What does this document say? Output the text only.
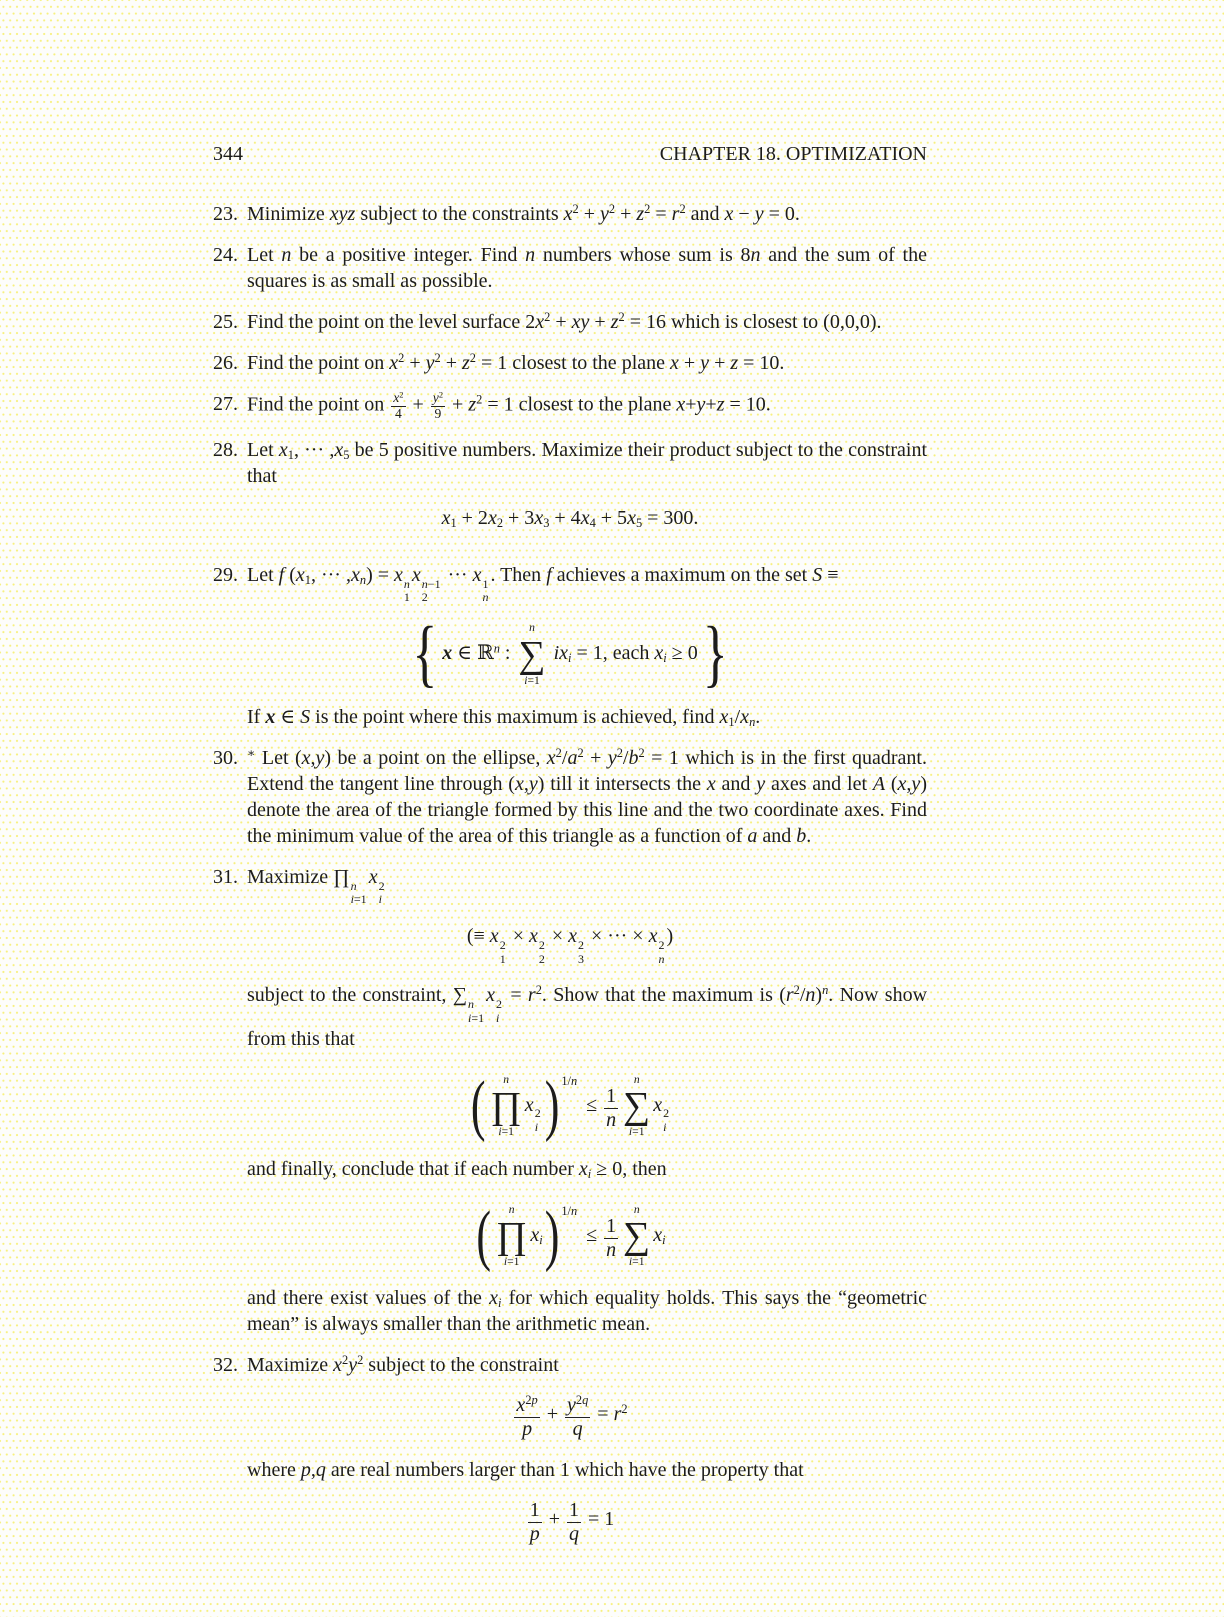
344	CHAPTER 18. OPTIMIZATION
23. Minimize xyz subject to the constraints $x^2 + y^2 + z^2 = r^2$ and x − y = 0.
24. Let n be a positive integer. Find n numbers whose sum is 8n and the sum of the squares is as small as possible.
25. Find the point on the level surface $2x^2$ + xy + $z^2 = 16$ which is closest to (0,0,0).
26. Find the point on $x^2 + y^2 + z^2 = 1$ closest to the plane x + y + z = 10.
27. Find the point on $\frac{x^2}{4} + \frac{y^2}{9} + z^2 = 1$ closest to the plane x+y+z = 10.
28. Let $x_1$, ··· $,x_5$ be 5 positive numbers. Maximize their product subject to the constraint that
$x_1 + 2x_2 + 3x_3 + 4x_4 + 5x_5 = 300$.
29. Let f ($x_1$, ··· $,x_n) = x$ n
1
x n−1
2
··· x 1
n
. Then f achieves a maximum on the set S ≡
{ x ∈ ℝ$^n$ :
n
∑
i=1
$ix_i = 1$, each $x_i \ge 0$}
If x ∈ S is the point where this maximum is achieved, find $x_1/x_n$.
30. ∗ Let (x,y) be a point on the ellipse, $x^2/a^2 + y^2/b^2 = 1$ which is in the first quadrant. Extend the tangent line through (x,y) till it intersects the x and y axes and let A (x,y) denote the area of the triangle formed by this line and the two coordinate axes. Find the minimum value of the area of this triangle as a function of a and b.
31. Maximize ∏ n
i=1
x 2
i
(≡ x 2
1
× x 2
2
× x 2
3
× ··· × x 2
n
)
subject to the constraint, ∑ n
i=1
x 2
i
= $r^2$. Show that the maximum is $(r^2/n)^n$. Now show from this that
( n
∏
i=1
x 2
i ) $^{1/n} \le \frac{1}{n}$
n
∑
i=1
x 2
i
and finally, conclude that if each number $x_i \ge 0$, then
( n
∏
i=1
$x_i$) $^{1/n} \le \frac{1}{n}$
n
∑
i=1
$x_i$
and there exist values of the $x_i$ for which equality holds. This says the “geometric mean” is always smaller than the arithmetic mean.
32. Maximize $x^2y^2$ subject to the constraint
$\frac{x^{2p}}{p} + \frac{y^{2q}}{q} = r^2$
where p,q are real numbers larger than 1 which have the property that
$\frac{1}{p} + \frac{1}{q} = 1$
